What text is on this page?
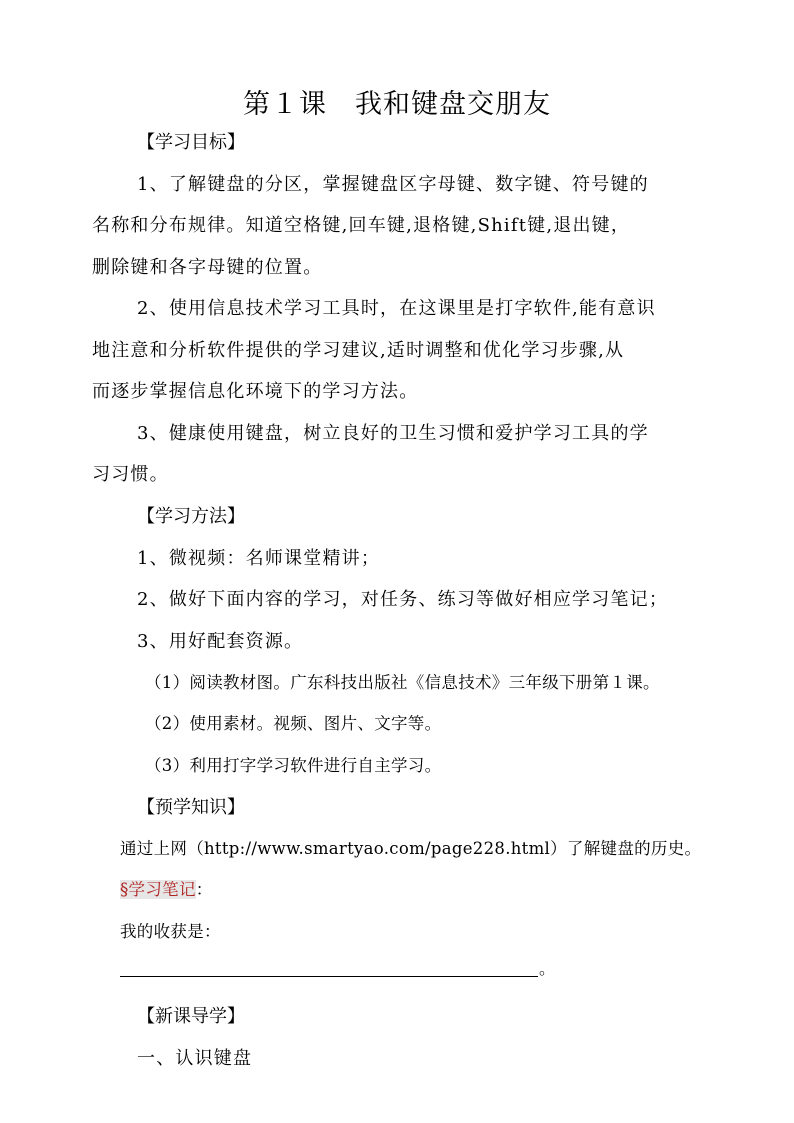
第１课　我和键盘交朋友
【学习目标】
1、了解键盘的分区，掌握键盘区字母键、数字键、符号键的
名称和分布规律。知道空格键,回车键,退格键,Shift键,退出键，
删除键和各字母键的位置。
2、使用信息技术学习工具时，在这课里是打字软件,能有意识
地注意和分析软件提供的学习建议,适时调整和优化学习步骤,从
而逐步掌握信息化环境下的学习方法。
3、健康使用键盘，树立良好的卫生习惯和爱护学习工具的学
习习惯。
【学习方法】
1、微视频：名师课堂精讲；
2、做好下面内容的学习，对任务、练习等做好相应学习笔记；
3、用好配套资源。
（1）阅读教材图。广东科技出版社《信息技术》三年级下册第１课。
（2）使用素材。视频、图片、文字等。
（3）利用打字学习软件进行自主学习。
【预学知识】
通过上网（http://www.smartyao.com/page228.html）了解键盘的历史。
§学习笔记：
我的收获是：
。
【新课导学】
一、认识键盘
